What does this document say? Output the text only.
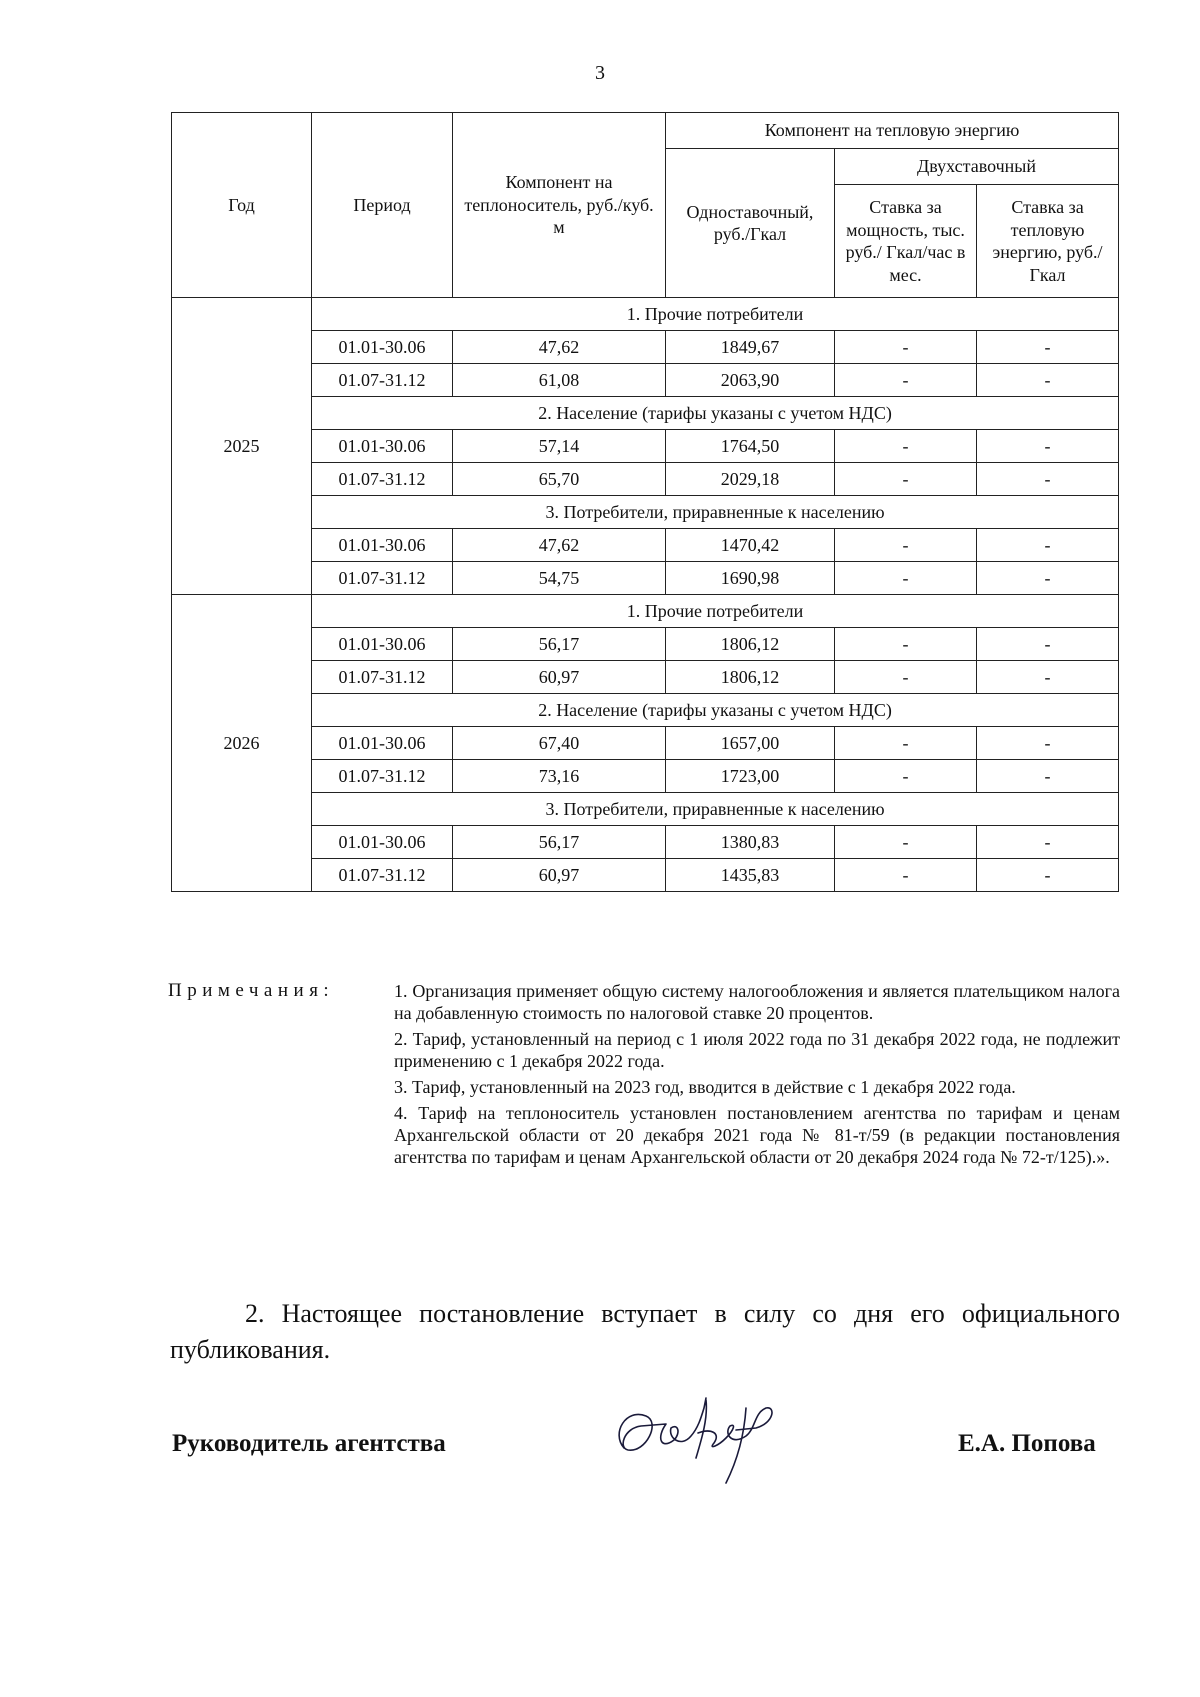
3
Год	Период	Компонент на теплоноситель, руб./куб. м	Компонент на тепловую энергию		
			Одноставочный, руб./Гкал	Двухставочный	
				Ставка за мощность, тыс. руб./ Гкал/час в мес.	Ставка за тепловую энергию, руб./Гкал
2025	1. Прочие потребители				
	01.01-30.06	47,62	1849,67	-	-
	01.07-31.12	61,08	2063,90	-	-
	2. Население (тарифы указаны с учетом НДС)				
	01.01-30.06	57,14	1764,50	-	-
	01.07-31.12	65,70	2029,18	-	-
	3. Потребители, приравненные к населению				
	01.01-30.06	47,62	1470,42	-	-
	01.07-31.12	54,75	1690,98	-	-
2026	1. Прочие потребители				
	01.01-30.06	56,17	1806,12	-	-
	01.07-31.12	60,97	1806,12	-	-
	2. Население (тарифы указаны с учетом НДС)				
	01.01-30.06	67,40	1657,00	-	-
	01.07-31.12	73,16	1723,00	-	-
	3. Потребители, приравненные к населению				
	01.01-30.06	56,17	1380,83	-	-
	01.07-31.12	60,97	1435,83	-	-
Примечания:	1. Организация применяет общую систему налогообложения и является плательщиком налога на добавленную стоимость по налоговой ставке 20 процентов.

2. Тариф, установленный на период с 1 июля 2022 года по 31 декабря 2022 года, не подлежит применению с 1 декабря 2022 года.

3. Тариф, установленный на 2023 год, вводится в действие с 1 декабря 2022 года.

4. Тариф на теплоноситель установлен постановлением агентства по тарифам и ценам Архангельской области от 20 декабря 2021 года № 81-т/59 (в редакции постановления агентства по тарифам и ценам Архангельской области от 20 декабря 2024 года № 72-т/125).».

2. Настоящее постановление вступает в силу со дня его официального публикования.
Руководитель агентства	Е.А. Попова
